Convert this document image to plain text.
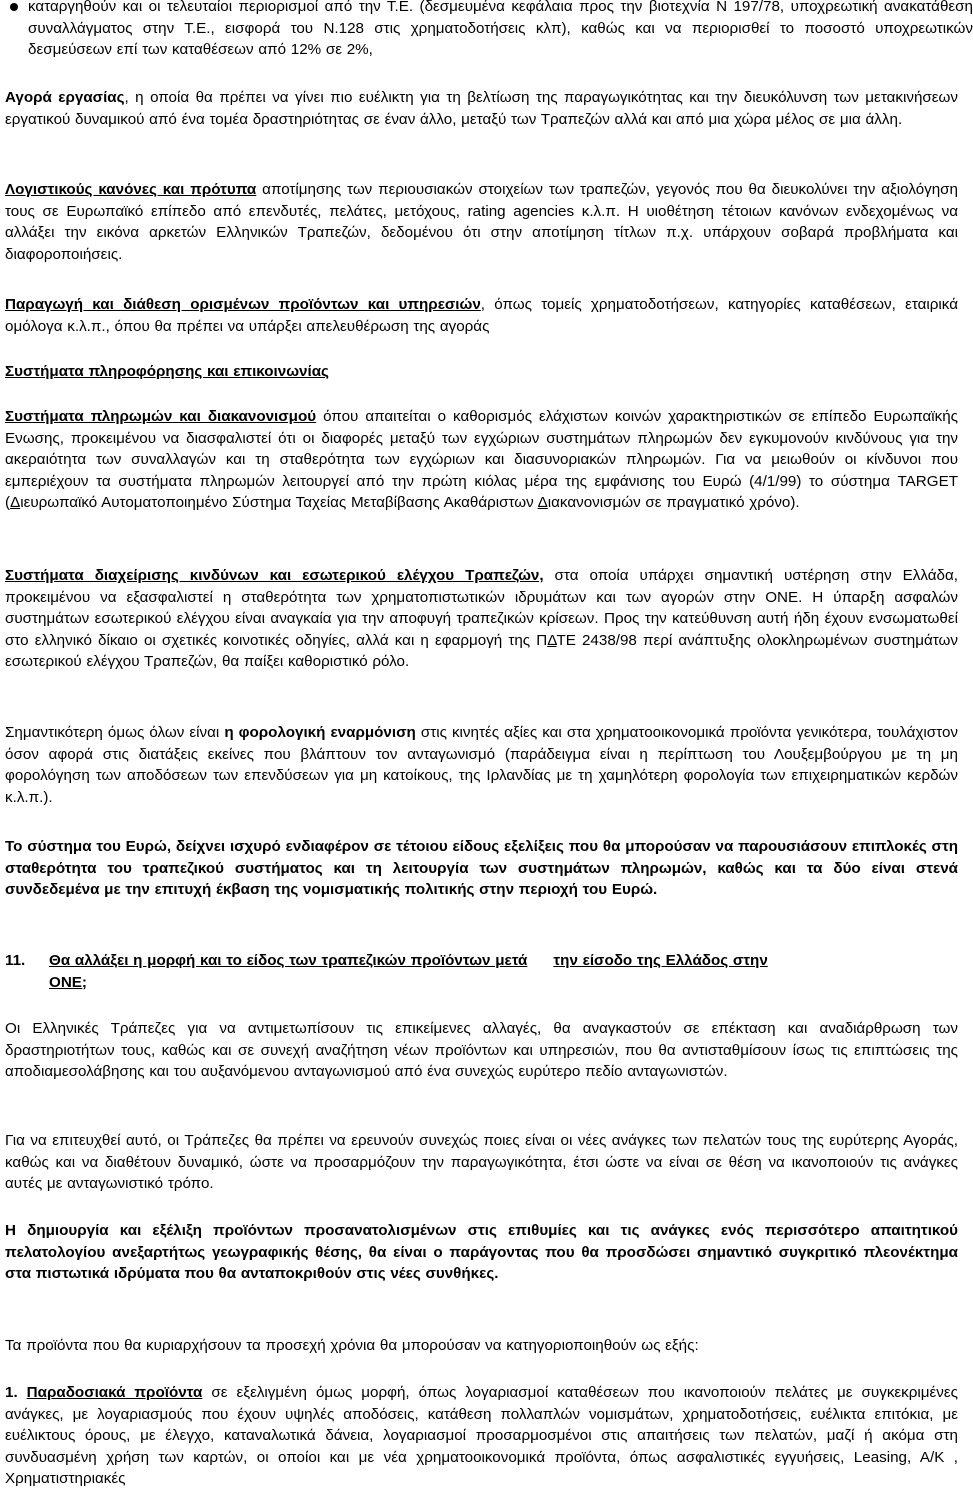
καταργηθούν και οι τελευταίοι περιορισμοί από την Τ.Ε. (δεσμευμένα κεφάλαια προς την βιοτεχνία Ν 197/78, υποχρεωτική ανακατάθεση συναλλάγματος στην Τ.Ε., εισφορά του Ν.128 στις χρηματοδοτήσεις κλπ), καθώς και να περιορισθεί το ποσοστό υποχρεωτικών δεσμεύσεων επί των καταθέσεων από 12% σε 2%,

Αγορά εργασίας, η οποία θα πρέπει να γίνει πιο ευέλικτη για τη βελτίωση της παραγωγικότητας και την διευκόλυνση των μετακινήσεων εργατικού δυναμικού από ένα τομέα δραστηριότητας σε έναν άλλο, μεταξύ των Τραπεζών αλλά και από μια χώρα μέλος σε μια άλλη.

Λογιστικούς κανόνες και πρότυπα αποτίμησης των περιουσιακών στοιχείων των τραπεζών, γεγονός που θα διευκολύνει την αξιολόγηση τους σε Ευρωπαϊκό επίπεδο από επενδυτές, πελάτες, μετόχους, rating agencies κ.λ.π. Η υιοθέτηση τέτοιων κανόνων ενδεχομένως να αλλάξει την εικόνα αρκετών Ελληνικών Τραπεζών, δεδομένου ότι στην αποτίμηση τίτλων π.χ. υπάρχουν σοβαρά προβλήματα και διαφοροποιήσεις.

Παραγωγή και διάθεση ορισμένων προϊόντων και υπηρεσιών, όπως τομείς χρηματοδοτήσεων, κατηγορίες καταθέσεων, εταιρικά ομόλογα κ.λ.π., όπου θα πρέπει να υπάρξει απελευθέρωση της αγοράς

Συστήματα πληροφόρησης και επικοινωνίας

Συστήματα πληρωμών και διακανονισμού όπου απαιτείται ο καθορισμός ελάχιστων κοινών χαρακτηριστικών σε επίπεδο Ευρωπαϊκής Ενωσης, προκειμένου να διασφαλιστεί ότι οι διαφορές μεταξύ των εγχώριων συστημάτων πληρωμών δεν εγκυμονούν κινδύνους για την ακεραιότητα των συναλλαγών και τη σταθερότητα των εγχώριων και διασυνοριακών πληρωμών. Για να μειωθούν οι κίνδυνοι που εμπεριέχουν τα συστήματα πληρωμών λειτουργεί από την πρώτη κιόλας μέρα της εμφάνισης του Ευρώ (4/1/99) το σύστημα TARGET (Διευρωπαϊκό Αυτοματοποιημένο Σύστημα Ταχείας Μεταβίβασης Ακαθάριστων Διακανονισμών σε πραγματικό χρόνο).

Συστήματα διαχείρισης κινδύνων και εσωτερικού ελέγχου Τραπεζών, στα οποία υπάρχει σημαντική υστέρηση στην Ελλάδα, προκειμένου να εξασφαλιστεί η σταθερότητα των χρηματοπιστωτικών ιδρυμάτων και των αγορών στην ΟΝΕ. Η ύπαρξη ασφαλών συστημάτων εσωτερικού ελέγχου είναι αναγκαία για την αποφυγή τραπεζικών κρίσεων. Προς την κατεύθυνση αυτή ήδη έχουν ενσωματωθεί στο ελληνικό δίκαιο οι σχετικές κοινοτικές οδηγίες, αλλά και η εφαρμογή της ΠΔΤΕ 2438/98 περί ανάπτυξης ολοκληρωμένων συστημάτων εσωτερικού ελέγχου Τραπεζών, θα παίξει καθοριστικό ρόλο.

Σημαντικότερη όμως όλων είναι η φορολογική εναρμόνιση στις κινητές αξίες και στα χρηματοοικονομικά προϊόντα γενικότερα, τουλάχιστον όσον αφορά στις διατάξεις εκείνες που βλάπτουν τον ανταγωνισμό (παράδειγμα είναι η περίπτωση του Λουξεμβούργου με τη μη φορολόγηση των αποδόσεων των επενδύσεων για μη κατοίκους, της Ιρλανδίας με τη χαμηλότερη φορολογία των επιχειρηματικών κερδών κ.λ.π.).

Το σύστημα του Ευρώ, δείχνει ισχυρό ενδιαφέρον σε τέτοιου είδους εξελίξεις που θα μπορούσαν να παρουσιάσουν επιπλοκές στη σταθερότητα του τραπεζικού συστήματος και τη λειτουργία των συστημάτων πληρωμών, καθώς και τα δύο είναι στενά συνδεδεμένα με την επιτυχή έκβαση της νομισματικής πολιτικής στην περιοχή του Ευρώ.

11. Θα αλλάξει η μορφή και το είδος των τραπεζικών προϊόντων μετά την είσοδο της Ελλάδος στην
ΟΝΕ;

Οι Ελληνικές Τράπεζες για να αντιμετωπίσουν τις επικείμενες αλλαγές, θα αναγκαστούν σε επέκταση και αναδιάρθρωση των δραστηριοτήτων τους, καθώς και σε συνεχή αναζήτηση νέων προϊόντων και υπηρεσιών, που θα αντισταθμίσουν ίσως τις επιπτώσεις της αποδιαμεσολάβησης και του αυξανόμενου ανταγωνισμού από ένα συνεχώς ευρύτερο πεδίο ανταγωνιστών.

Για να επιτευχθεί αυτό, οι Τράπεζες θα πρέπει να ερευνούν συνεχώς ποιες είναι οι νέες ανάγκες των πελατών τους της ευρύτερης Αγοράς, καθώς και να διαθέτουν δυναμικό, ώστε να προσαρμόζουν την παραγωγικότητα, έτσι ώστε να είναι σε θέση να ικανοποιούν τις ανάγκες αυτές με ανταγωνιστικό τρόπο.

Η δημιουργία και εξέλιξη προϊόντων προσανατολισμένων στις επιθυμίες και τις ανάγκες ενός περισσότερο απαιτητικού πελατολογίου ανεξαρτήτως γεωγραφικής θέσης, θα είναι ο παράγοντας που θα προσδώσει σημαντικό συγκριτικό πλεονέκτημα στα πιστωτικά ιδρύματα που θα ανταποκριθούν στις νέες συνθήκες.

Τα προϊόντα που θα κυριαρχήσουν τα προσεχή χρόνια θα μπορούσαν να κατηγοριοποιηθούν ως εξής:

1. Παραδοσιακά προϊόντα σε εξελιγμένη όμως μορφή, όπως λογαριασμοί καταθέσεων που ικανοποιούν πελάτες με συγκεκριμένες ανάγκες, με λογαριασμούς που έχουν υψηλές αποδόσεις, κατάθεση πολλαπλών νομισμάτων, χρηματοδοτήσεις, ευέλικτα επιτόκια, με ευέλικτους όρους, με έλεγχο, καταναλωτικά δάνεια, λογαριασμοί προσαρμοσμένοι στις απαιτήσεις των πελατών, μαζί ή ακόμα στη συνδυασμένη χρήση των καρτών, οι οποίοι και με νέα χρηματοοικονομικά προϊόντα, όπως ασφαλιστικές εγγυήσεις, Leasing, A/K , Χρηματιστηριακές
